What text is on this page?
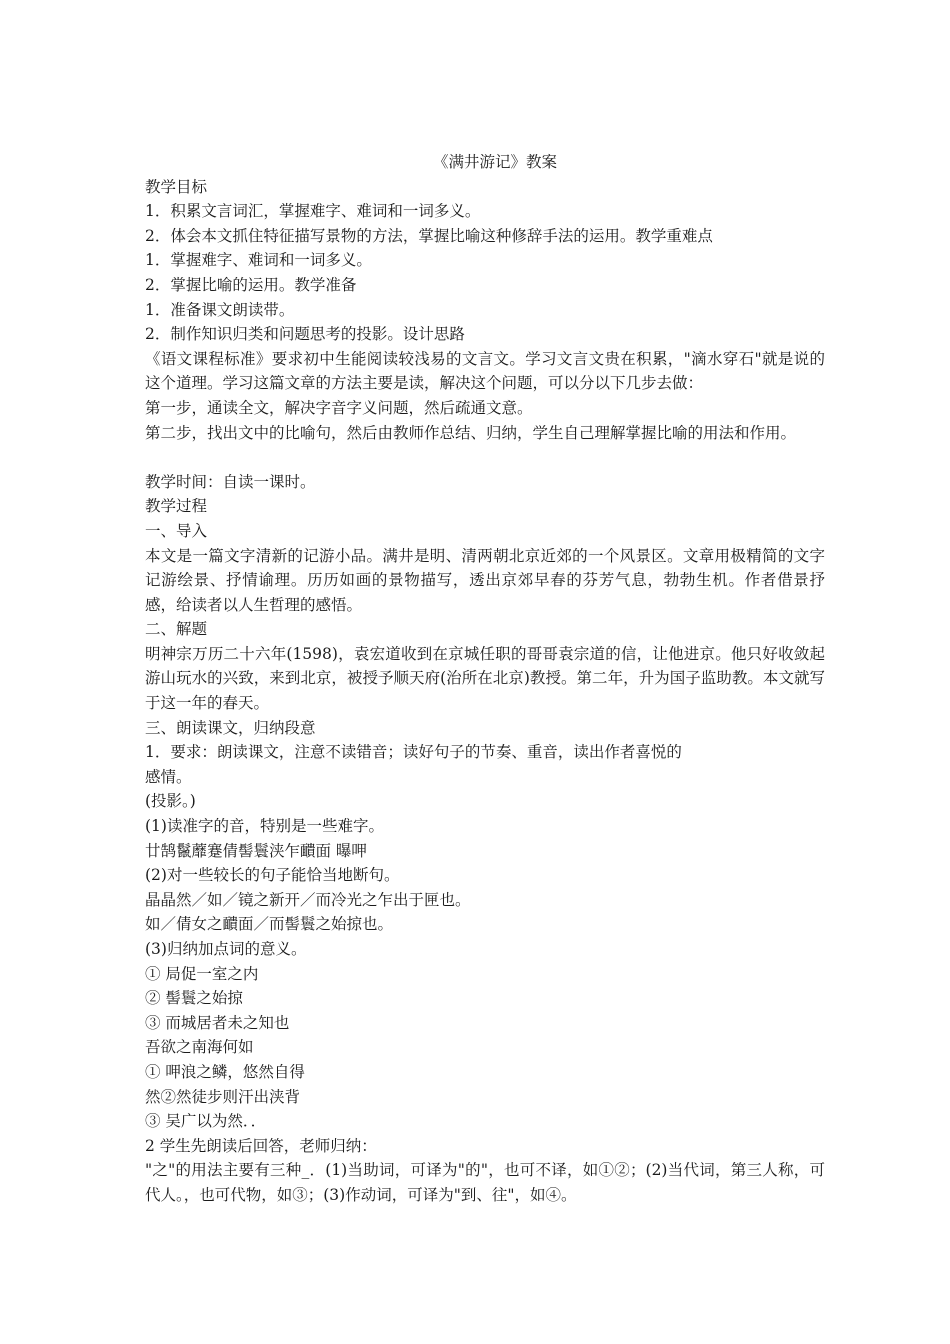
《满井游记》教案

教学目标

1．积累文言词汇，掌握难字、难词和一词多义。

2．体会本文抓住特征描写景物的方法，掌握比喻这种修辞手法的运用。教学重难点

1．掌握难字、难词和一词多义。

2．掌握比喻的运用。教学准备

1．准备课文朗读带。

2．制作知识归类和问题思考的投影。设计思路

《语文课程标准》要求初中生能阅读较浅易的文言文。学习文言文贵在积累，"滴水穿石"就是说的这个道理。学习这篇文章的方法主要是读，解决这个问题，可以分以下几步去做：

第一步，通读全文，解决字音字义问题，然后疏通文意。

第二步，找出文中的比喻句，然后由教师作总结、归纳，学生自己理解掌握比喻的用法和作用。

教学时间：自读一课时。

教学过程

一、导入

本文是一篇文字清新的记游小品。满井是明、清两朝北京近郊的一个风景区。文章用极精简的文字记游绘景、抒情谕理。历历如画的景物描写，透出京郊早春的芬芳气息，勃勃生机。作者借景抒感，给读者以人生哲理的感悟。

二、解题

明神宗万历二十六年(1598)，袁宏道收到在京城任职的哥哥袁宗道的信，让他进京。他只好收敛起游山玩水的兴致，来到北京，被授予顺天府(治所在北京)教授。第二年，升为国子监助教。本文就写于这一年的春天。

三、朗读课文，归纳段意

1．要求：朗读课文，注意不读错音；读好句子的节奏、重音，读出作者喜悦的

感情。

(投影。)

(1)读准字的音，特别是一些难字。

廿鹄鬣蘼蹇倩髻鬟浃乍靧面 曝呷

(2)对一些较长的句子能恰当地断句。

晶晶然／如／镜之新开／而冷光之乍出于匣也。

如／倩女之靧面／而髻鬟之始掠也。

(3)归纳加点词的意义。

① 局促一室之内

② 髻鬟之始掠

③ 而城居者未之知也

吾欲之南海何如

① 呷浪之鳞，悠然自得

然②然徒步则汗出浃背

③ 吴广以为然．．

2 学生先朗读后回答，老师归纳：

"之"的用法主要有三种_．(1)当助词，可译为"的"，也可不译，如①②；(2)当代词，第三人称，可代人。，也可代物，如③；(3)作动词，可译为"到、往"，如④。
